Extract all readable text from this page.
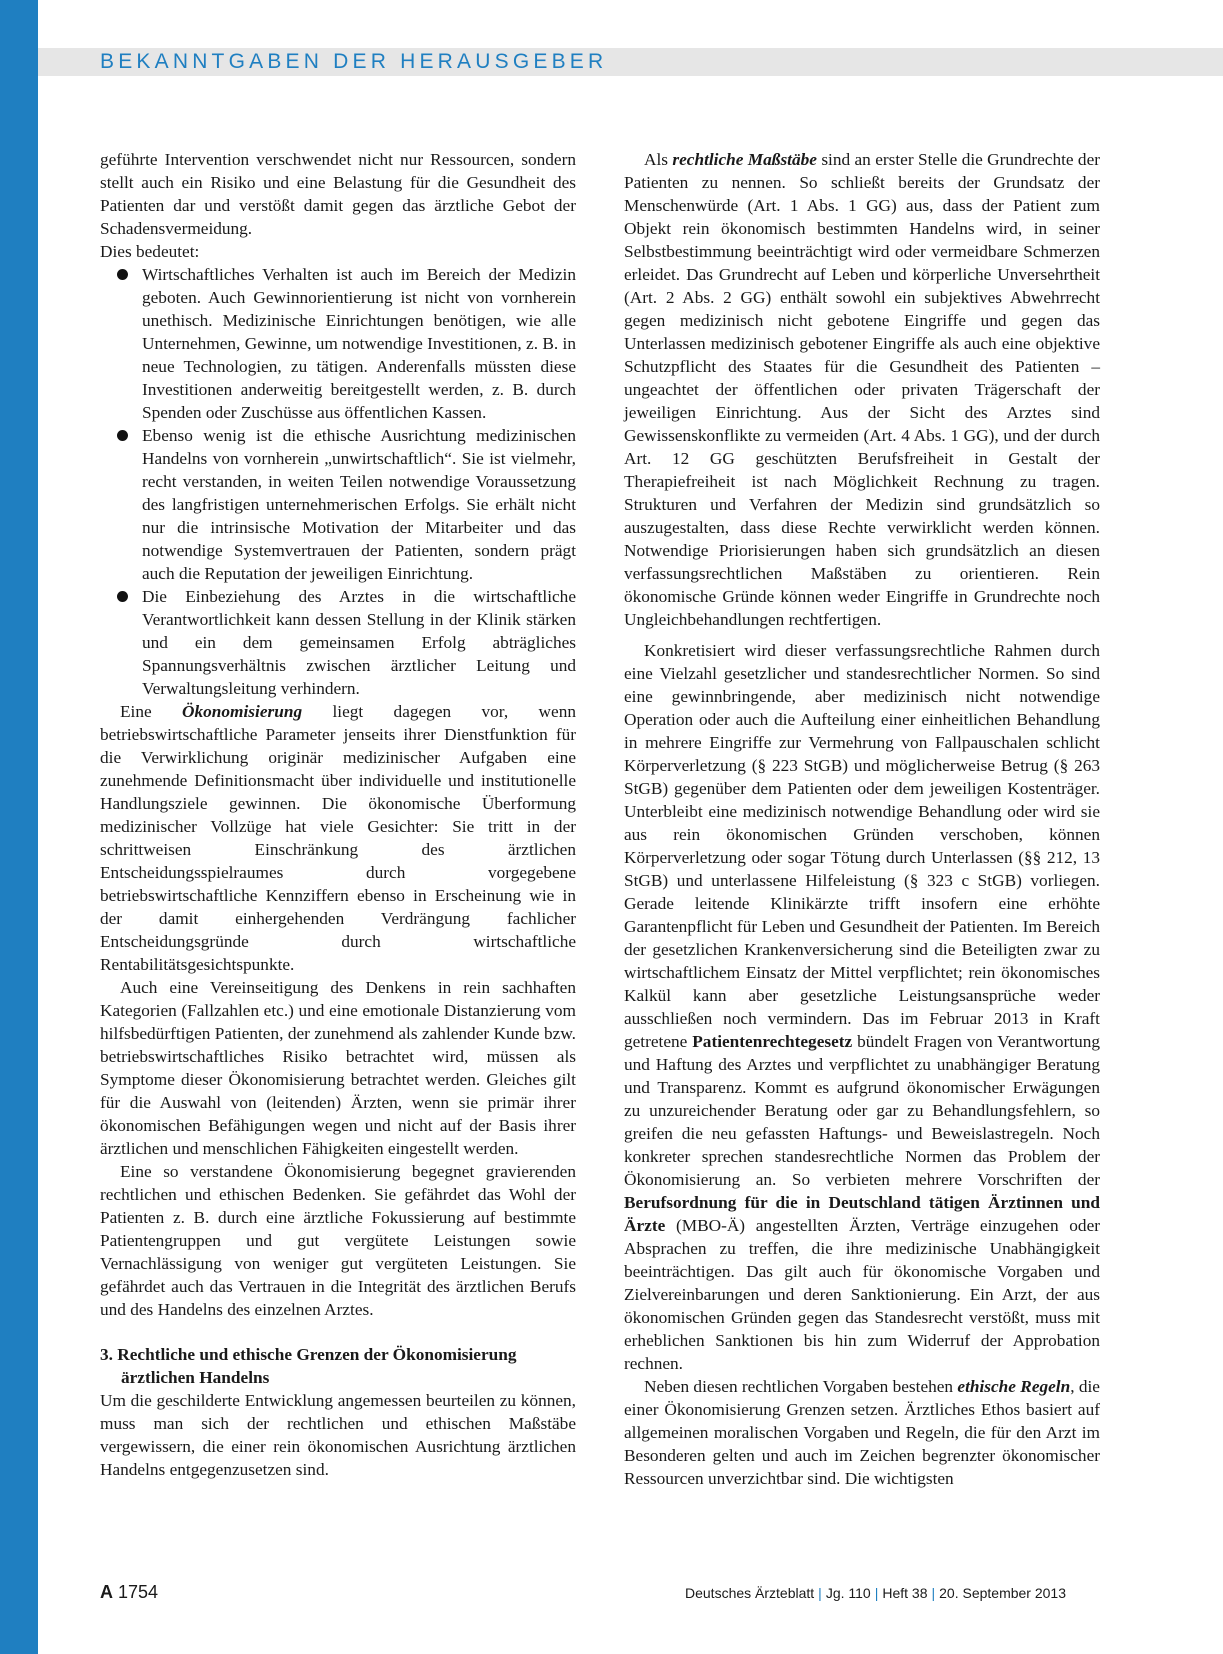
BEKANNTGABEN DER HERAUSGEBER

geführte Intervention verschwendet nicht nur Ressourcen, sondern stellt auch ein Risiko und eine Belastung für die Gesundheit des Patienten dar und verstößt damit gegen das ärztliche Gebot der Schadensvermeidung.

Dies bedeutet:

Wirtschaftliches Verhalten ist auch im Bereich der Medizin geboten. Auch Gewinnorientierung ist nicht von vornherein unethisch. Medizinische Einrichtungen benötigen, wie alle Unternehmen, Gewinne, um notwendige Investitionen, z. B. in neue Technologien, zu tätigen. Anderenfalls müssten diese Investitionen anderweitig bereitgestellt werden, z. B. durch Spenden oder Zuschüsse aus öffentlichen Kassen.
Ebenso wenig ist die ethische Ausrichtung medizinischen Handelns von vornherein „unwirtschaftlich“. Sie ist vielmehr, recht verstanden, in weiten Teilen notwendige Voraussetzung des langfristigen unternehmerischen Erfolgs. Sie erhält nicht nur die intrinsische Motivation der Mitarbeiter und das notwendige Systemvertrauen der Patienten, sondern prägt auch die Reputation der jeweiligen Einrichtung.
Die Einbeziehung des Arztes in die wirtschaftliche Verantwortlichkeit kann dessen Stellung in der Klinik stärken und ein dem gemeinsamen Erfolg abträgliches Spannungsverhältnis zwischen ärztlicher Leitung und Verwaltungsleitung verhindern.

Eine Ökonomisierung liegt dagegen vor, wenn betriebswirtschaftliche Parameter jenseits ihrer Dienstfunktion für die Verwirklichung originär medizinischer Aufgaben eine zunehmende Definitionsmacht über individuelle und institutionelle Handlungsziele gewinnen. Die ökonomische Überformung medizinischer Vollzüge hat viele Gesichter: Sie tritt in der schrittweisen Einschränkung des ärztlichen Entscheidungsspielraumes durch vorgegebene betriebswirtschaftliche Kennziffern ebenso in Erscheinung wie in der damit einhergehenden Verdrängung fachlicher Entscheidungsgründe durch wirtschaftliche Rentabilitätsgesichtspunkte.

Auch eine Vereinseitigung des Denkens in rein sachhaften Kategorien (Fallzahlen etc.) und eine emotionale Distanzierung vom hilfsbedürftigen Patienten, der zunehmend als zahlender Kunde bzw. betriebswirtschaftliches Risiko betrachtet wird, müssen als Symptome dieser Ökonomisierung betrachtet werden. Gleiches gilt für die Auswahl von (leitenden) Ärzten, wenn sie primär ihrer ökonomischen Befähigungen wegen und nicht auf der Basis ihrer ärztlichen und menschlichen Fähigkeiten eingestellt werden.

Eine so verstandene Ökonomisierung begegnet gravierenden rechtlichen und ethischen Bedenken. Sie gefährdet das Wohl der Patienten z. B. durch eine ärztliche Fokussierung auf bestimmte Patientengruppen und gut vergütete Leistungen sowie Vernachlässigung von weniger gut vergüteten Leistungen. Sie gefährdet auch das Vertrauen in die Integrität des ärztlichen Berufs und des Handelns des einzelnen Arztes.

3. Rechtliche und ethische Grenzen der Ökonomisierung ärztlichen Handelns

Um die geschilderte Entwicklung angemessen beurteilen zu können, muss man sich der rechtlichen und ethischen Maßstäbe vergewissern, die einer rein ökonomischen Ausrichtung ärztlichen Handelns entgegenzusetzen sind.

Als rechtliche Maßstäbe sind an erster Stelle die Grundrechte der Patienten zu nennen. So schließt bereits der Grundsatz der Menschenwürde (Art. 1 Abs. 1 GG) aus, dass der Patient zum Objekt rein ökonomisch bestimmten Handelns wird, in seiner Selbstbestimmung beeinträchtigt wird oder vermeidbare Schmerzen erleidet. Das Grundrecht auf Leben und körperliche Unversehrtheit (Art. 2 Abs. 2 GG) enthält sowohl ein subjektives Abwehrrecht gegen medizinisch nicht gebotene Eingriffe und gegen das Unterlassen medizinisch gebotener Eingriffe als auch eine objektive Schutzpflicht des Staates für die Gesundheit des Patienten – ungeachtet der öffentlichen oder privaten Trägerschaft der jeweiligen Einrichtung. Aus der Sicht des Arztes sind Gewissenskonflikte zu vermeiden (Art. 4 Abs. 1 GG), und der durch Art. 12 GG geschützten Berufsfreiheit in Gestalt der Therapiefreiheit ist nach Möglichkeit Rechnung zu tragen. Strukturen und Verfahren der Medizin sind grundsätzlich so auszugestalten, dass diese Rechte verwirklicht werden können. Notwendige Priorisierungen haben sich grundsätzlich an diesen verfassungsrechtlichen Maßstäben zu orientieren. Rein ökonomische Gründe können weder Eingriffe in Grundrechte noch Ungleichbehandlungen rechtfertigen.

Konkretisiert wird dieser verfassungsrechtliche Rahmen durch eine Vielzahl gesetzlicher und standesrechtlicher Normen. So sind eine gewinnbringende, aber medizinisch nicht notwendige Operation oder auch die Aufteilung einer einheitlichen Behandlung in mehrere Eingriffe zur Vermehrung von Fallpauschalen schlicht Körperverletzung (§ 223 StGB) und möglicherweise Betrug (§ 263 StGB) gegenüber dem Patienten oder dem jeweiligen Kostenträger. Unterbleibt eine medizinisch notwendige Behandlung oder wird sie aus rein ökonomischen Gründen verschoben, können Körperverletzung oder sogar Tötung durch Unterlassen (§§ 212, 13 StGB) und unterlassene Hilfeleistung (§ 323 c StGB) vorliegen. Gerade leitende Klinikärzte trifft insofern eine erhöhte Garantenpflicht für Leben und Gesundheit der Patienten. Im Bereich der gesetzlichen Krankenversicherung sind die Beteiligten zwar zu wirtschaftlichem Einsatz der Mittel verpflichtet; rein ökonomisches Kalkül kann aber gesetzliche Leistungsansprüche weder ausschließen noch vermindern. Das im Februar 2013 in Kraft getretene Patientenrechtegesetz bündelt Fragen von Verantwortung und Haftung des Arztes und verpflichtet zu unabhängiger Beratung und Transparenz. Kommt es aufgrund ökonomischer Erwägungen zu unzureichender Beratung oder gar zu Behandlungsfehlern, so greifen die neu gefassten Haftungs- und Beweislastregeln. Noch konkreter sprechen standesrechtliche Normen das Problem der Ökonomisierung an. So verbieten mehrere Vorschriften der Berufsordnung für die in Deutschland tätigen Ärztinnen und Ärzte (MBO-Ä) angestellten Ärzten, Verträge einzugehen oder Absprachen zu treffen, die ihre medizinische Unabhängigkeit beeinträchtigen. Das gilt auch für ökonomische Vorgaben und Zielvereinbarungen und deren Sanktionierung. Ein Arzt, der aus ökonomischen Gründen gegen das Standesrecht verstößt, muss mit erheblichen Sanktionen bis hin zum Widerruf der Approbation rechnen.

Neben diesen rechtlichen Vorgaben bestehen ethische Regeln, die einer Ökonomisierung Grenzen setzen. Ärztliches Ethos basiert auf allgemeinen moralischen Vorgaben und Regeln, die für den Arzt im Besonderen gelten und auch im Zeichen begrenzter ökonomischer Ressourcen unverzichtbar sind. Die wichtigsten

A 1754	Deutsches Ärzteblatt | Jg. 110 | Heft 38 | 20. September 2013
